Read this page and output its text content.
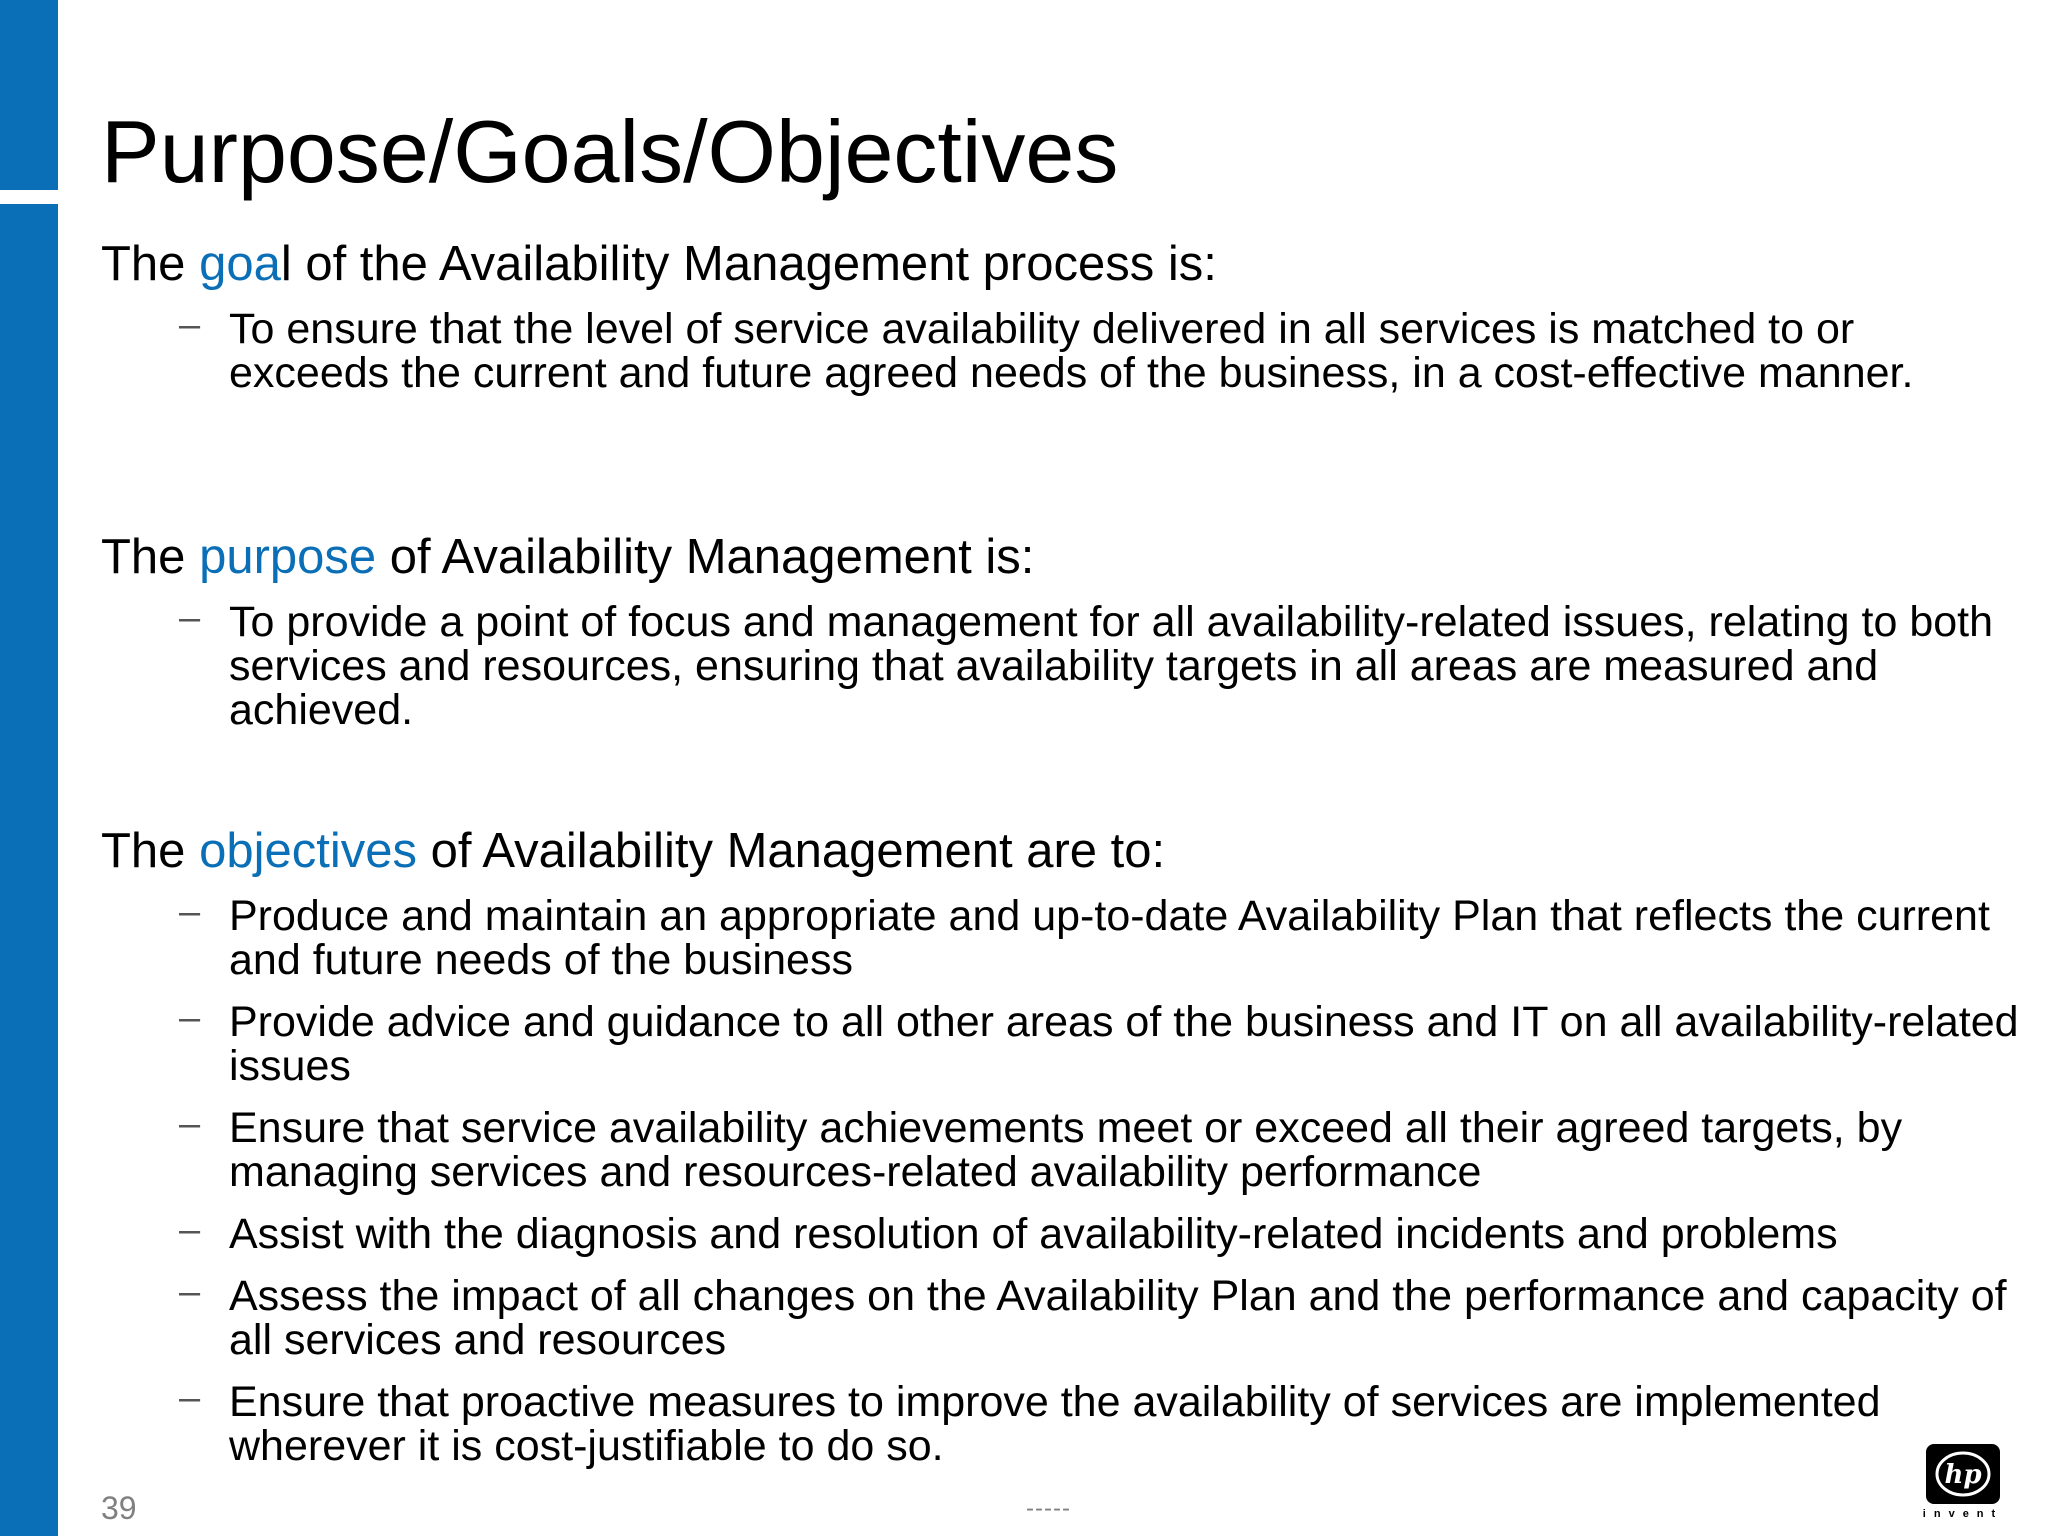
Purpose/Goals/Objectives
The goal of the Availability Management process is:
– To ensure that the level of service availability delivered in all services is matched to or exceeds the current and future agreed needs of the business, in a cost-effective manner.
The purpose of Availability Management is:
– To provide a point of focus and management for all availability-related issues, relating to both services and resources, ensuring that availability targets in all areas are measured and achieved.
The objectives of Availability Management are to:
– Produce and maintain an appropriate and up-to-date Availability Plan that reflects the current and future needs of the business
– Provide advice and guidance to all other areas of the business and IT on all availability-related issues
– Ensure that service availability achievements meet or exceed all their agreed targets, by managing services and resources-related availability performance
– Assist with the diagnosis and resolution of availability-related incidents and problems
– Assess the impact of all changes on the Availability Plan and the performance and capacity of all services and resources
– Ensure that proactive measures to improve the availability of services are implemented wherever it is cost-justifiable to do so.
39	-----
hp
invent
